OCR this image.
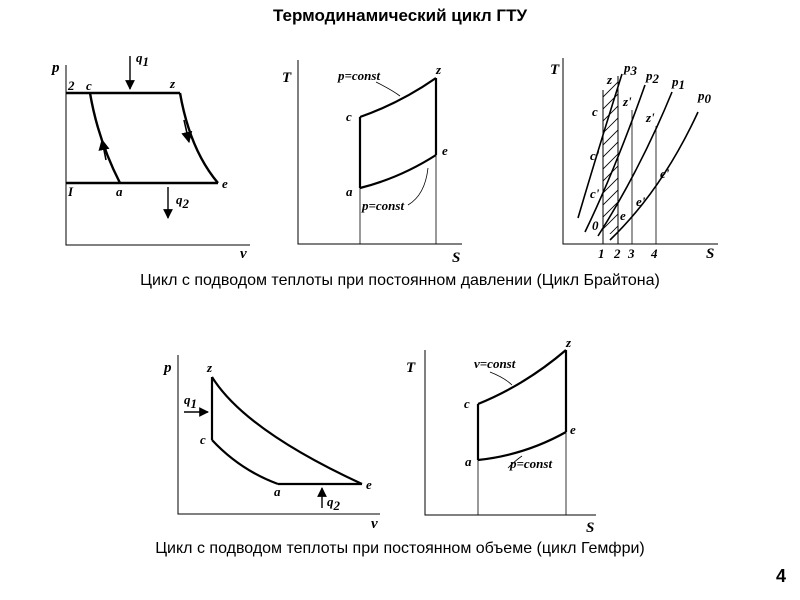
Термодинамический цикл ГТУ
p
v
2
I
c	z
a
e
q1
q2
T
S
p=const
p=const
z
c
e
a
T
S
p3 p2 p1
p0
z
z'
z'
c
c'
c'
e'
e'
e
0
1 2 3 4
p
v
z
c
a	e
q1
q2
T
S
v=const
p=const
z
c
e
a
Цикл с подводом теплоты при постоянном давлении (Цикл Брайтона)
Цикл с подводом теплоты при постоянном объеме (цикл Гемфри)
4
